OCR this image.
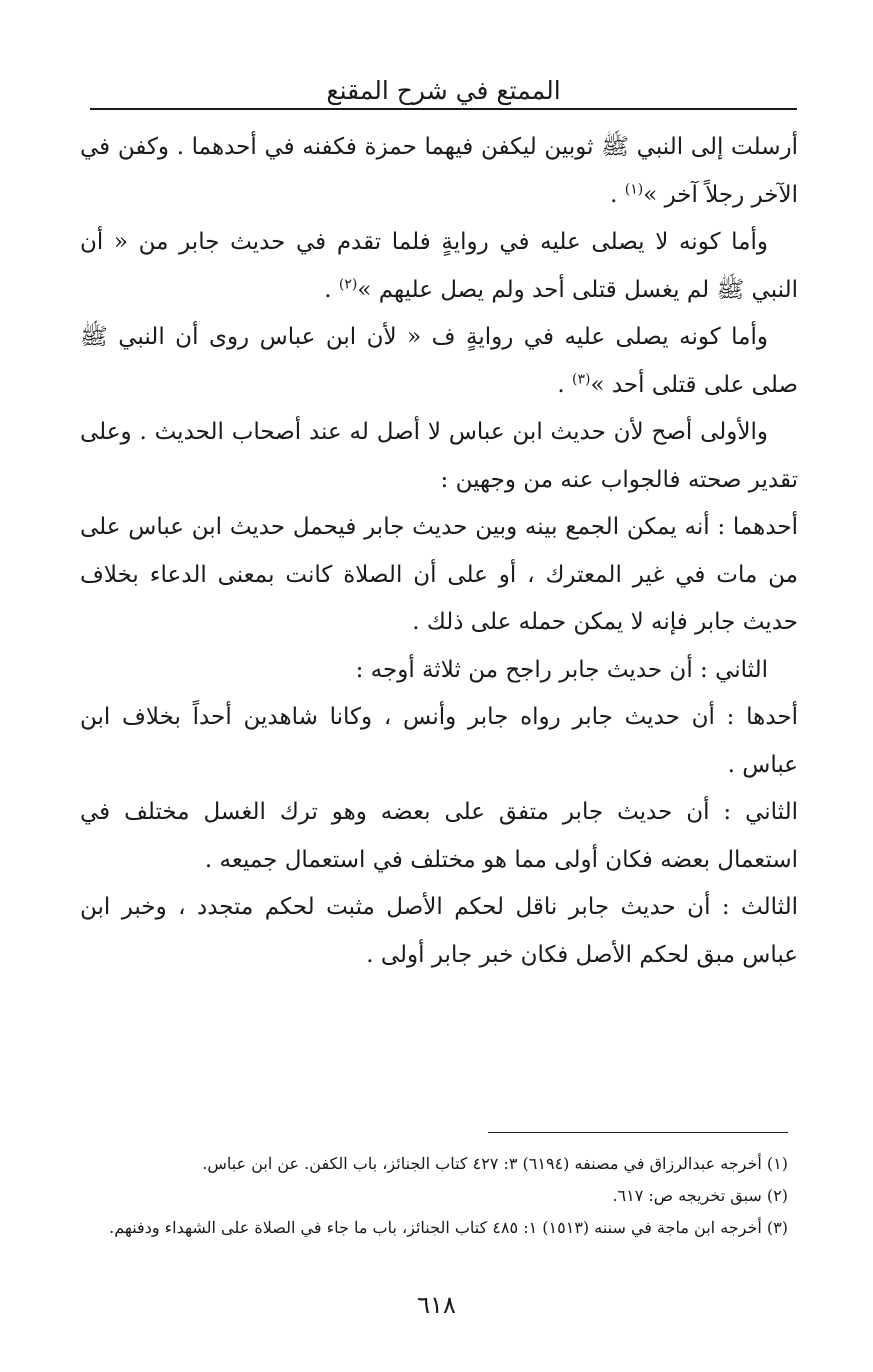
الممتع في شرح المقنع

أرسلت إلى النبي ﷺ ثوبين ليكفن فيهما حمزة فكفنه في أحدهما . وكفن في الآخر رجلاً آخر »$^{(١)}$ .

وأما كونه لا يصلى عليه في روايةٍ فلما تقدم في حديث جابر من « أن النبي ﷺ لم يغسل قتلى أحد ولم يصل عليهم »$^{(٢)}$ .

وأما كونه يصلى عليه في روايةٍ ف « لأن ابن عباس روى أن النبي ﷺ صلى على قتلى أحد »$^{(٣)}$ .

والأولى أصح لأن حديث ابن عباس لا أصل له عند أصحاب الحديث . وعلى تقدير صحته فالجواب عنه من وجهين :

أحدهما : أنه يمكن الجمع بينه وبين حديث جابر فيحمل حديث ابن عباس على من مات في غير المعترك ، أو على أن الصلاة كانت بمعنى الدعاء بخلاف حديث جابر فإنه لا يمكن حمله على ذلك .

الثاني : أن حديث جابر راجح من ثلاثة أوجه :

أحدها : أن حديث جابر رواه جابر وأنس ، وكانا شاهدين أحداً بخلاف ابن عباس .

الثاني : أن حديث جابر متفق على بعضه وهو ترك الغسل مختلف في استعمال بعضه فكان أولى مما هو مختلف في استعمال جميعه .

الثالث : أن حديث جابر ناقل لحكم الأصل مثبت لحكم متجدد ، وخبر ابن عباس مبق لحكم الأصل فكان خبر جابر أولى .

(١) أخرجه عبدالرزاق في مصنفه (٦١٩٤) ٣: ٤٢٧ كتاب الجنائز، باب الكفن. عن ابن عباس.

(٢) سبق تخريجه ص: ٦١٧.

(٣) أخرجه ابن ماجة في سننه (١٥١٣) ١: ٤٨٥ كتاب الجنائز، باب ما جاء في الصلاة على الشهداء ودفنهم.

٦١٨
